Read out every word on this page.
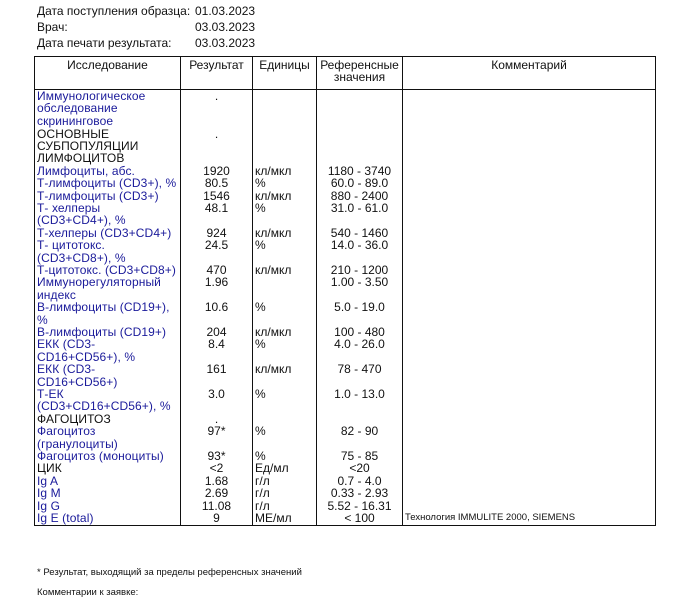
Дата поступления образца: 01.03.2023
Врач:	03.03.2023
Дата печати результата: 03.03.2023
Исследование	Результат	Единицы	Референсные значения	Комментарий
Иммунологическое обследование скрининговое	.			
ОСНОВНЫЕ СУБПОПУЛЯЦИИ ЛИМФОЦИТОВ	.			
Лимфоциты, абс.	1920	кл/мкл	1180 - 3740	
Т-лимфоциты (CD3+), %	80.5	%	60.0 - 89.0	
Т-лимфоциты (CD3+)	1546	кл/мкл	880 - 2400	
Т- хелперы (CD3+CD4+), %	48.1	%	31.0 - 61.0	
Т-хелперы (CD3+CD4+)	924	кл/мкл	540 - 1460	
Т- цитотокс. (CD3+CD8+), %	24.5	%	14.0 - 36.0	
Т-цитотокс. (CD3+CD8+)	470	кл/мкл	210 - 1200	
Иммунорегуляторный индекс	1.96		1.00 - 3.50	
B-лимфоциты (CD19+), %	10.6	%	5.0 - 19.0	
B-лимфоциты (CD19+)	204	кл/мкл	100 - 480	
ЕКК (CD3- CD16+CD56+), %	8.4	%	4.0 - 26.0	
ЕКК (CD3- CD16+CD56+)	161	кл/мкл	78 - 470	
Т-ЕК (CD3+CD16+CD56+), %	3.0	%	1.0 - 13.0	
ФАГОЦИТОЗ	.			
Фагоцитоз (гранулоциты)	97*	%	82 - 90	
Фагоцитоз (моноциты)	93*	%	75 - 85	
ЦИК	<2	Ед/мл	<20	
Ig A	1.68	г/л	0.7 - 4.0	
Ig M	2.69	г/л	0.33 - 2.93	
Ig G	11.08	г/л	5.52 - 16.31	
Ig E (total)	9	МЕ/мл	< 100	Технология IMMULITE 2000, SIEMENS
* Результат, выходящий за пределы референсных значений
Комментарии к заявке:
